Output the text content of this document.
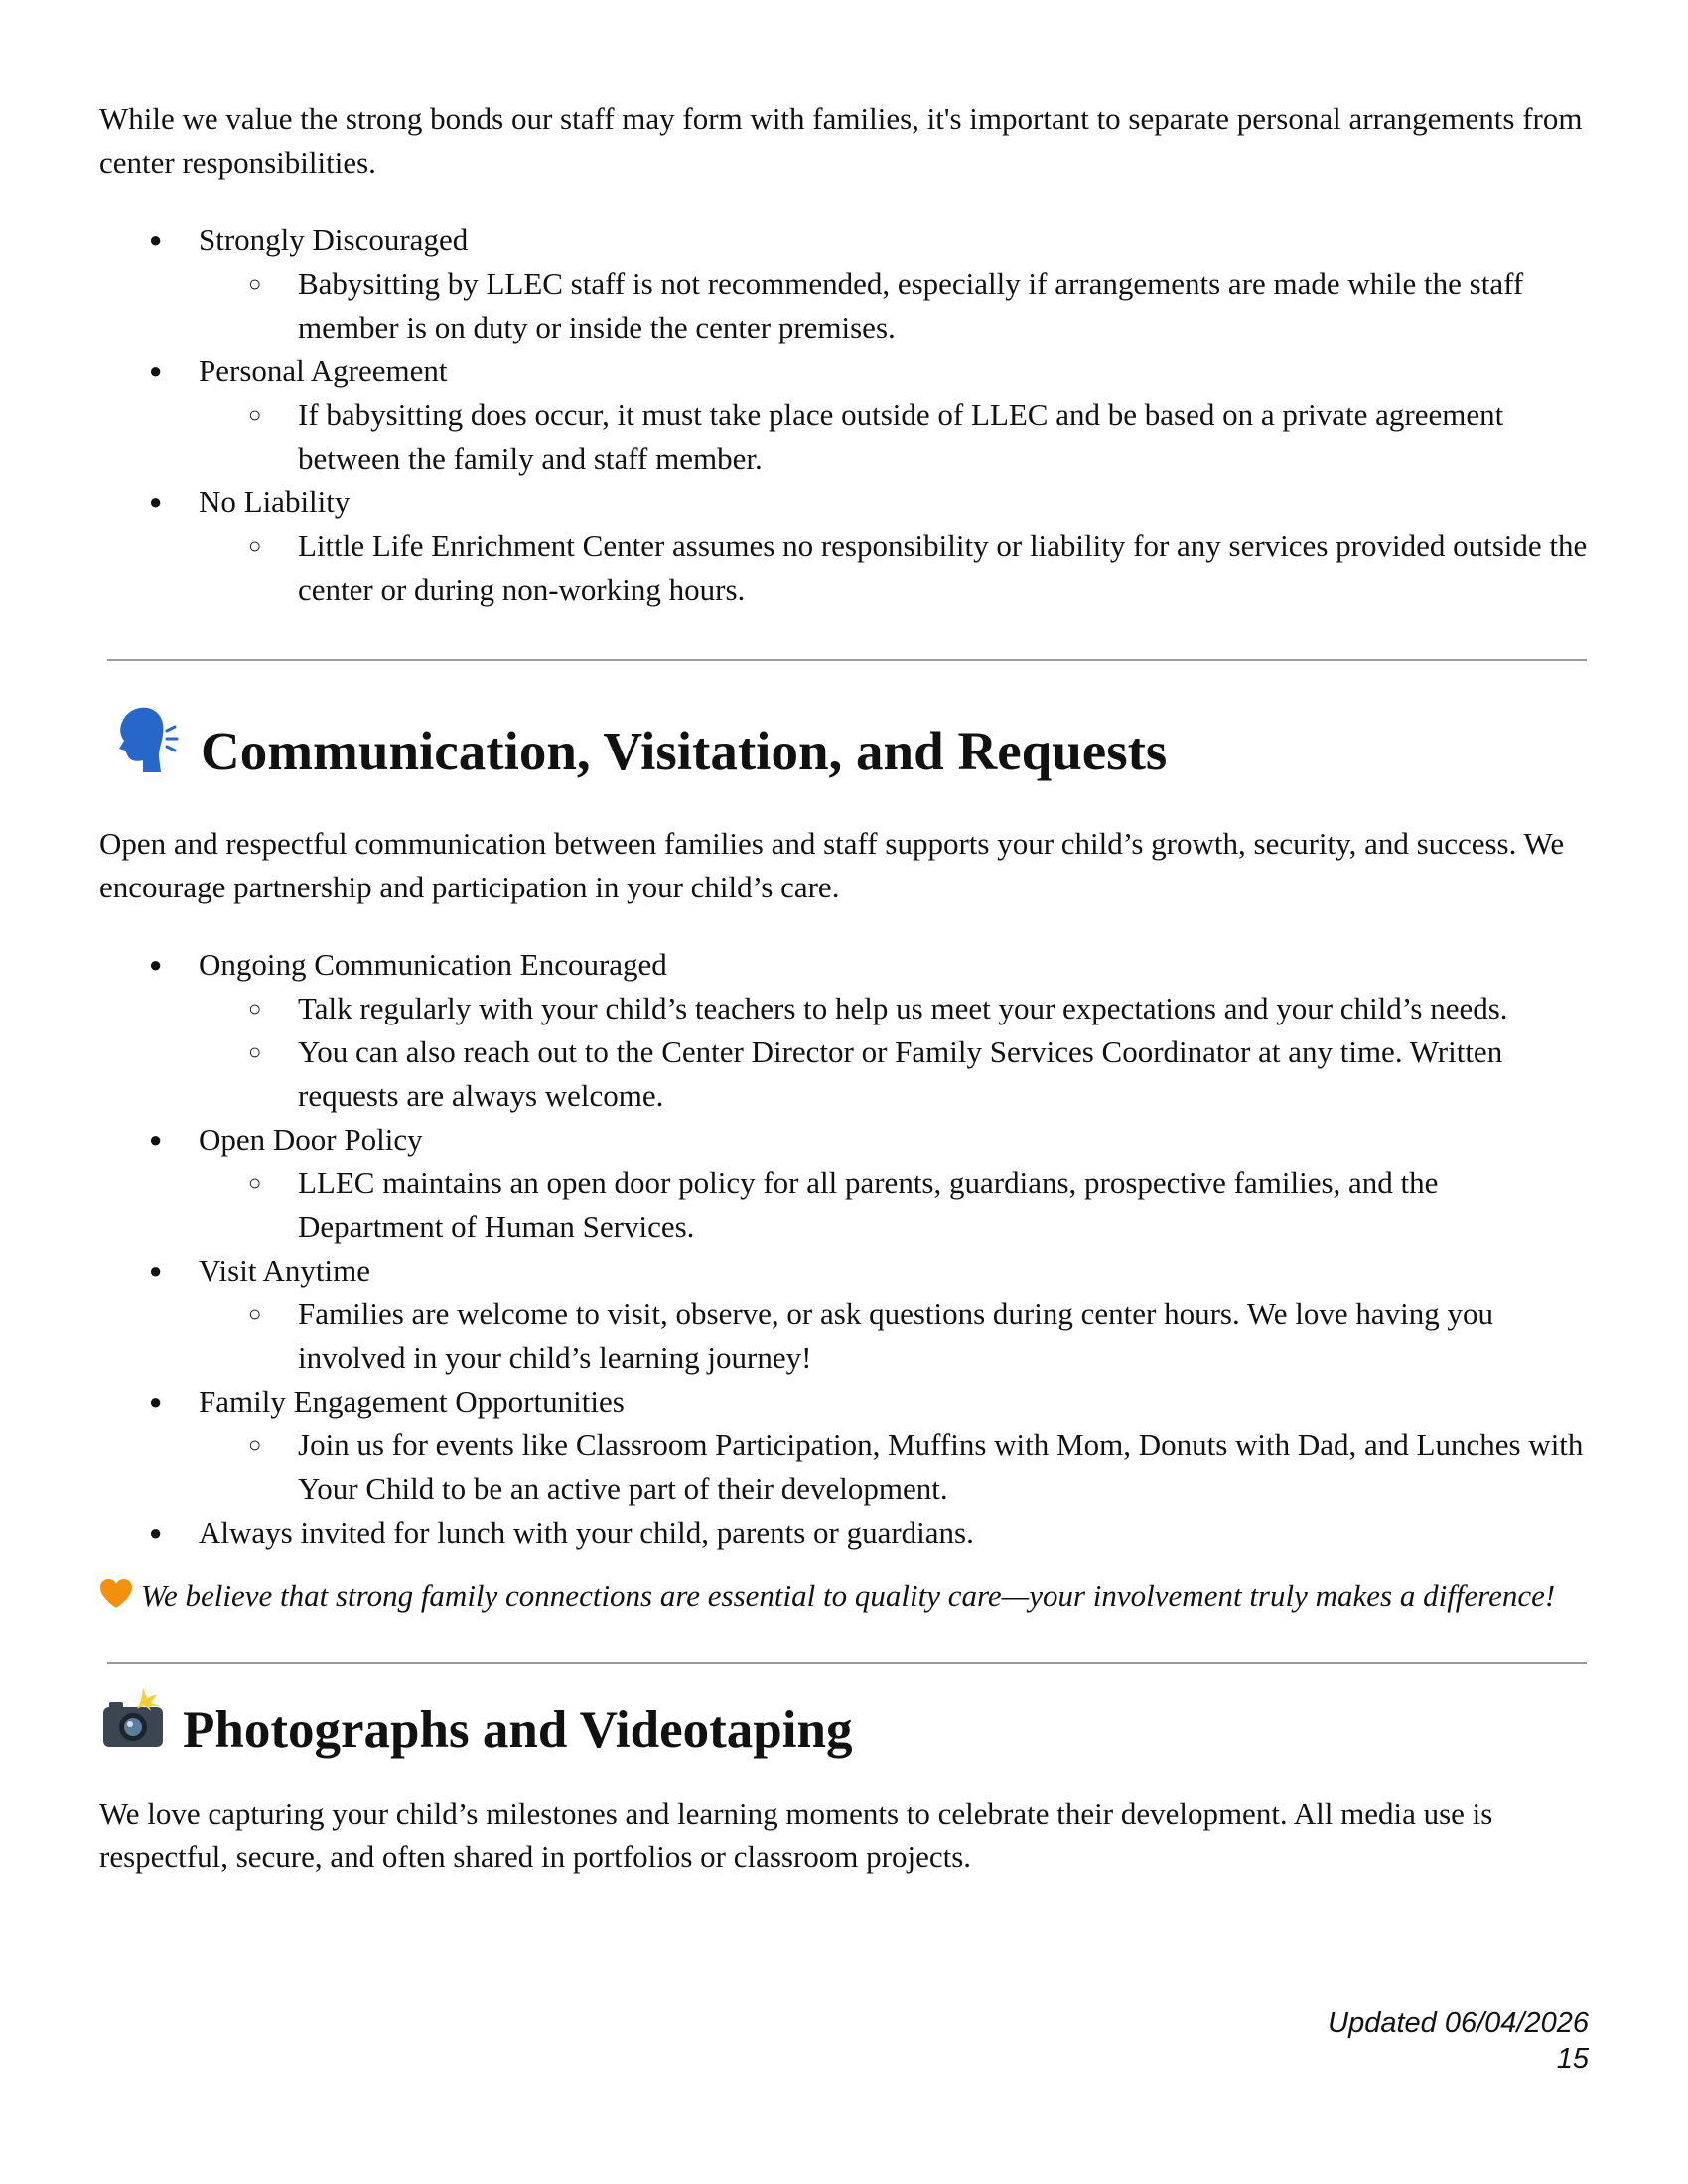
While we value the strong bonds our staff may form with families, it's important to separate personal arrangements from center responsibilities.

● Strongly Discouraged
○ Babysitting by LLEC staff is not recommended, especially if arrangements are made while the staff member is on duty or inside the center premises.
● Personal Agreement
○ If babysitting does occur, it must take place outside of LLEC and be based on a private agreement between the family and staff member.
● No Liability
○ Little Life Enrichment Center assumes no responsibility or liability for any services provided outside the center or during non-working hours.
Communication, Visitation, and Requests

Open and respectful communication between families and staff supports your child’s growth, security, and success. We encourage partnership and participation in your child’s care.

● Ongoing Communication Encouraged
○ Talk regularly with your child’s teachers to help us meet your expectations and your child’s needs.
○ You can also reach out to the Center Director or Family Services Coordinator at any time. Written requests are always welcome.
● Open Door Policy
○ LLEC maintains an open door policy for all parents, guardians, prospective families, and the Department of Human Services.
● Visit Anytime
○ Families are welcome to visit, observe, or ask questions during center hours. We love having you involved in your child’s learning journey!
● Family Engagement Opportunities
○ Join us for events like Classroom Participation, Muffins with Mom, Donuts with Dad, and Lunches with Your Child to be an active part of their development.
● Always invited for lunch with your child, parents or guardians.

We believe that strong family connections are essential to quality care—your involvement truly makes a difference!

Photographs and Videotaping

We love capturing your child’s milestones and learning moments to celebrate their development. All media use is respectful, secure, and often shared in portfolios or classroom projects.

Updated 06/04/2026
15
